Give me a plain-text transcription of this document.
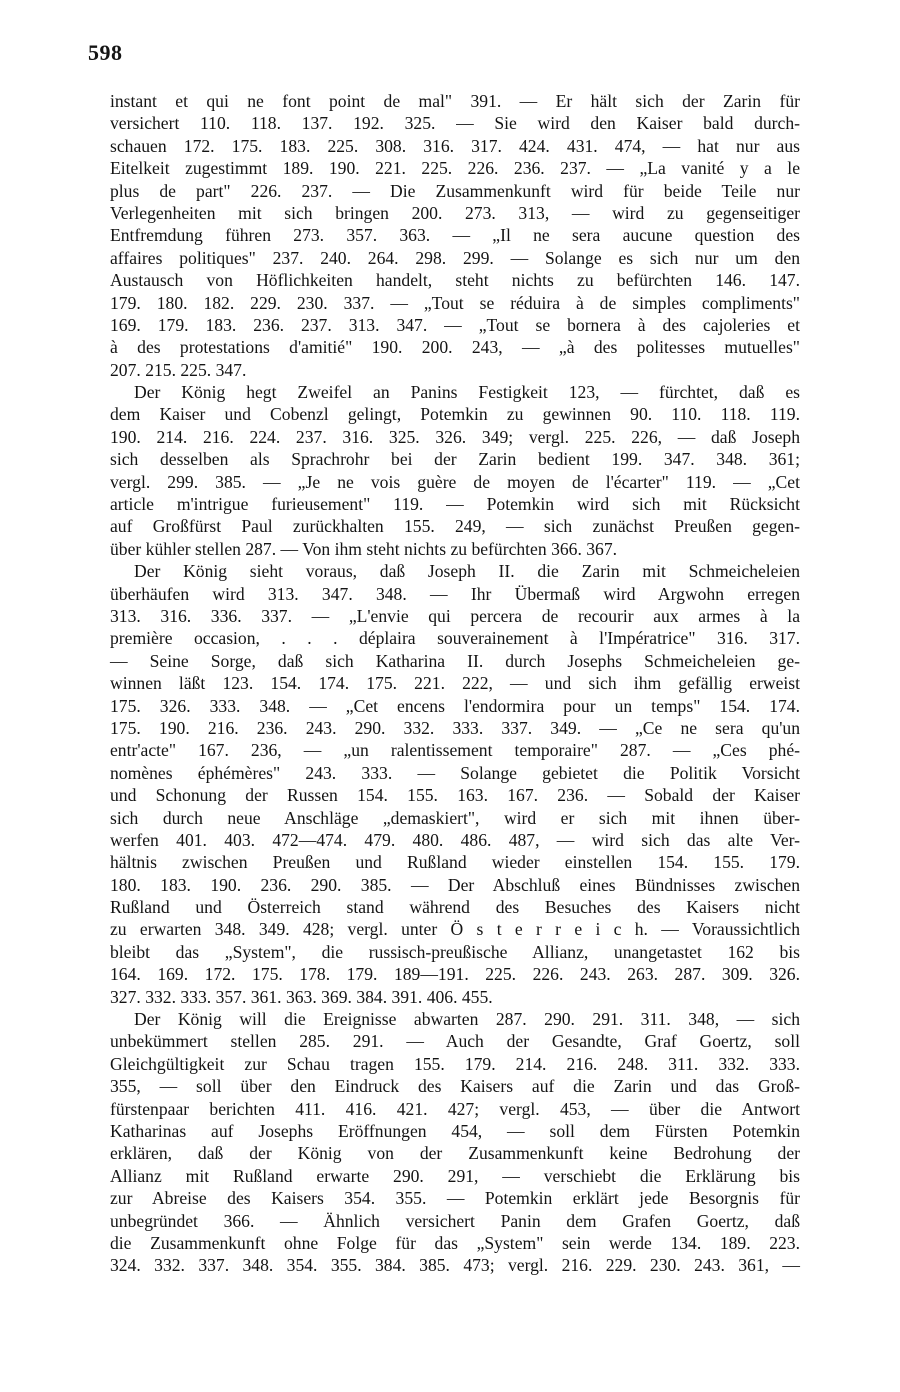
598
instant et qui ne font point de mal" 391. — Er hält sich der Zarin für
versichert 110. 118. 137. 192. 325. — Sie wird den Kaiser bald durch-
schauen 172. 175. 183. 225. 308. 316. 317. 424. 431. 474, — hat nur aus
Eitelkeit zugestimmt 189. 190. 221. 225. 226. 236. 237. — „La vanité y a le
plus de part" 226. 237. — Die Zusammenkunft wird für beide Teile nur
Verlegenheiten mit sich bringen 200. 273. 313, — wird zu gegenseitiger
Entfremdung führen 273. 357. 363. — „Il ne sera aucune question des
affaires politiques" 237. 240. 264. 298. 299. — Solange es sich nur um den
Austausch von Höflichkeiten handelt, steht nichts zu befürchten 146. 147.
179. 180. 182. 229. 230. 337. — „Tout se réduira à de simples compliments"
169. 179. 183. 236. 237. 313. 347. — „Tout se bornera à des cajoleries et
à des protestations d'amitié" 190. 200. 243, — „à des politesses mutuelles"
207. 215. 225. 347.
Der König hegt Zweifel an Panins Festigkeit 123, — fürchtet, daß es
dem Kaiser und Cobenzl gelingt, Potemkin zu gewinnen 90. 110. 118. 119.
190. 214. 216. 224. 237. 316. 325. 326. 349; vergl. 225. 226, — daß Joseph
sich desselben als Sprachrohr bei der Zarin bedient 199. 347. 348. 361;
vergl. 299. 385. — „Je ne vois guère de moyen de l'écarter" 119. — „Cet
article m'intrigue furieusement" 119. — Potemkin wird sich mit Rücksicht
auf Großfürst Paul zurückhalten 155. 249, — sich zunächst Preußen gegen-
über kühler stellen 287. — Von ihm steht nichts zu befürchten 366. 367.
Der König sieht voraus, daß Joseph II. die Zarin mit Schmeicheleien
überhäufen wird 313. 347. 348. — Ihr Übermaß wird Argwohn erregen
313. 316. 336. 337. — „L'envie qui percera de recourir aux armes à la
première occasion, . . . déplaira souverainement à l'Impératrice" 316. 317.
— Seine Sorge, daß sich Katharina II. durch Josephs Schmeicheleien ge-
winnen läßt 123. 154. 174. 175. 221. 222, — und sich ihm gefällig erweist
175. 326. 333. 348. — „Cet encens l'endormira pour un temps" 154. 174.
175. 190. 216. 236. 243. 290. 332. 333. 337. 349. — „Ce ne sera qu'un
entr'acte" 167. 236, — „un ralentissement temporaire" 287. — „Ces phé-
nomènes éphémères" 243. 333. — Solange gebietet die Politik Vorsicht
und Schonung der Russen 154. 155. 163. 167. 236. — Sobald der Kaiser
sich durch neue Anschläge „demaskiert", wird er sich mit ihnen über-
werfen 401. 403. 472—474. 479. 480. 486. 487, — wird sich das alte Ver-
hältnis zwischen Preußen und Rußland wieder einstellen 154. 155. 179.
180. 183. 190. 236. 290. 385. — Der Abschluß eines Bündnisses zwischen
Rußland und Österreich stand während des Besuches des Kaisers nicht
zu erwarten 348. 349. 428; vergl. unter Ö s t e r r e i c h. — Voraussichtlich
bleibt das „System", die russisch-preußische Allianz, unangetastet 162 bis
164. 169. 172. 175. 178. 179. 189—191. 225. 226. 243. 263. 287. 309. 326.
327. 332. 333. 357. 361. 363. 369. 384. 391. 406. 455.
Der König will die Ereignisse abwarten 287. 290. 291. 311. 348, — sich
unbekümmert stellen 285. 291. — Auch der Gesandte, Graf Goertz, soll
Gleichgültigkeit zur Schau tragen 155. 179. 214. 216. 248. 311. 332. 333.
355, — soll über den Eindruck des Kaisers auf die Zarin und das Groß-
fürstenpaar berichten 411. 416. 421. 427; vergl. 453, — über die Antwort
Katharinas auf Josephs Eröffnungen 454, — soll dem Fürsten Potemkin
erklären, daß der König von der Zusammenkunft keine Bedrohung der
Allianz mit Rußland erwarte 290. 291, — verschiebt die Erklärung bis
zur Abreise des Kaisers 354. 355. — Potemkin erklärt jede Besorgnis für
unbegründet 366. — Ähnlich versichert Panin dem Grafen Goertz, daß
die Zusammenkunft ohne Folge für das „System" sein werde 134. 189. 223.
324. 332. 337. 348. 354. 355. 384. 385. 473; vergl. 216. 229. 230. 243. 361, —
